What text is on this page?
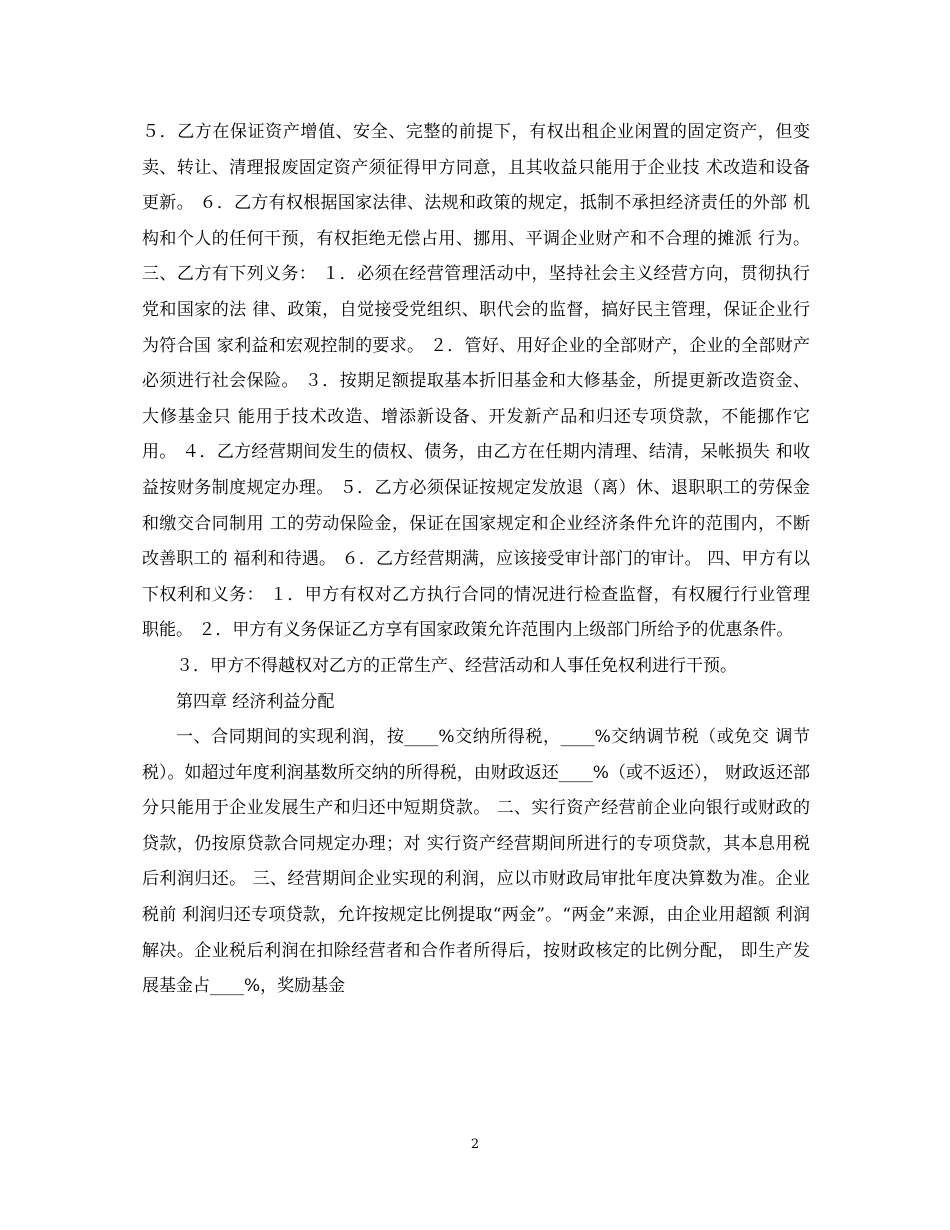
５．乙方在保证资产增值、安全、完整的前提下，有权出租企业闲置的固定资产，但变卖、转让、清理报废固定资产须征得甲方同意，且其收益只能用于企业技 术改造和设备更新。 ６．乙方有权根据国家法律、法规和政策的规定，抵制不承担经济责任的外部 机构和个人的任何干预，有权拒绝无偿占用、挪用、平调企业财产和不合理的摊派 行为。 三、乙方有下列义务： １．必须在经营管理活动中，坚持社会主义经营方向，贯彻执行党和国家的法 律、政策，自觉接受党组织、职代会的监督，搞好民主管理，保证企业行为符合国 家利益和宏观控制的要求。 ２．管好、用好企业的全部财产，企业的全部财产必须进行社会保险。 ３．按期足额提取基本折旧基金和大修基金，所提更新改造资金、大修基金只 能用于技术改造、增添新设备、开发新产品和归还专项贷款，不能挪作它用。 ４．乙方经营期间发生的债权、债务，由乙方在任期内清理、结清，呆帐损失 和收益按财务制度规定办理。 ５．乙方必须保证按规定发放退（离）休、退职职工的劳保金和缴交合同制用 工的劳动保险金，保证在国家规定和企业经济条件允许的范围内，不断改善职工的 福利和待遇。 ６．乙方经营期满，应该接受审计部门的审计。 四、甲方有以下权利和义务： １．甲方有权对乙方执行合同的情况进行检查监督，有权履行行业管理职能。 ２．甲方有义务保证乙方享有国家政策允许范围内上级部门所给予的优惠条件。

３．甲方不得越权对乙方的正常生产、经营活动和人事任免权利进行干预。

第四章 经济利益分配

一、合同期间的实现利润，按____%交纳所得税，____%交纳调节税（或免交 调节税）。如超过年度利润基数所交纳的所得税，由财政返还____%（或不返还）， 财政返还部分只能用于企业发展生产和归还中短期贷款。 二、实行资产经营前企业向银行或财政的贷款，仍按原贷款合同规定办理；对 实行资产经营期间所进行的专项贷款，其本息用税后利润归还。 三、经营期间企业实现的利润，应以市财政局审批年度决算数为准。企业税前 利润归还专项贷款，允许按规定比例提取“两金”。“两金”来源，由企业用超额 利润解决。企业税后利润在扣除经营者和合作者所得后，按财政核定的比例分配， 即生产发展基金占____%，奖励基金

2
